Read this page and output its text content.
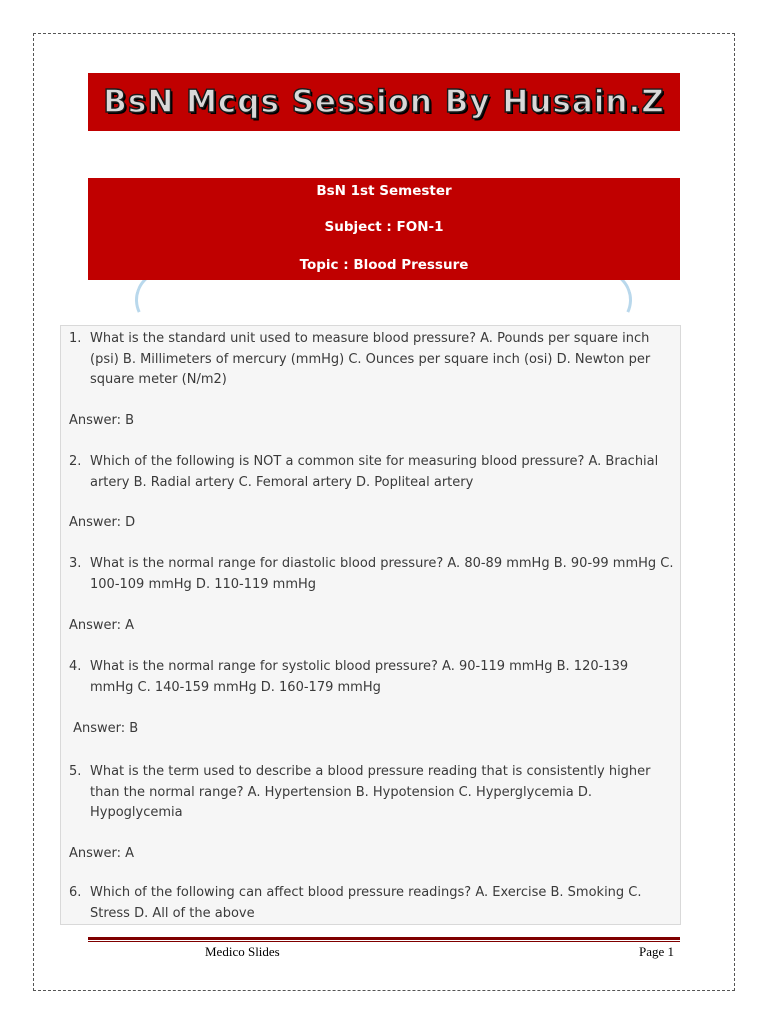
BsN Mcqs Session By Husain.Z
BsN 1st Semester
Subject : FON-1
Topic : Blood Pressure
1. What is the standard unit used to measure blood pressure? A. Pounds per square inch (psi) B. Millimeters of mercury (mmHg) C. Ounces per square inch (osi) D. Newton per square meter (N/m2)
Answer: B
2. Which of the following is NOT a common site for measuring blood pressure? A. Brachial artery B. Radial artery C. Femoral artery D. Popliteal artery
Answer: D
3. What is the normal range for diastolic blood pressure? A. 80-89 mmHg B. 90-99 mmHg C. 100-109 mmHg D. 110-119 mmHg
Answer: A
4. What is the normal range for systolic blood pressure? A. 90-119 mmHg B. 120-139 mmHg C. 140-159 mmHg D. 160-179 mmHg
Answer: B
5. What is the term used to describe a blood pressure reading that is consistently higher than the normal range? A. Hypertension B. Hypotension C. Hyperglycemia D. Hypoglycemia
Answer: A
6. Which of the following can affect blood pressure readings? A. Exercise B. Smoking C. Stress D. All of the above
Medico Slides	Page 1
